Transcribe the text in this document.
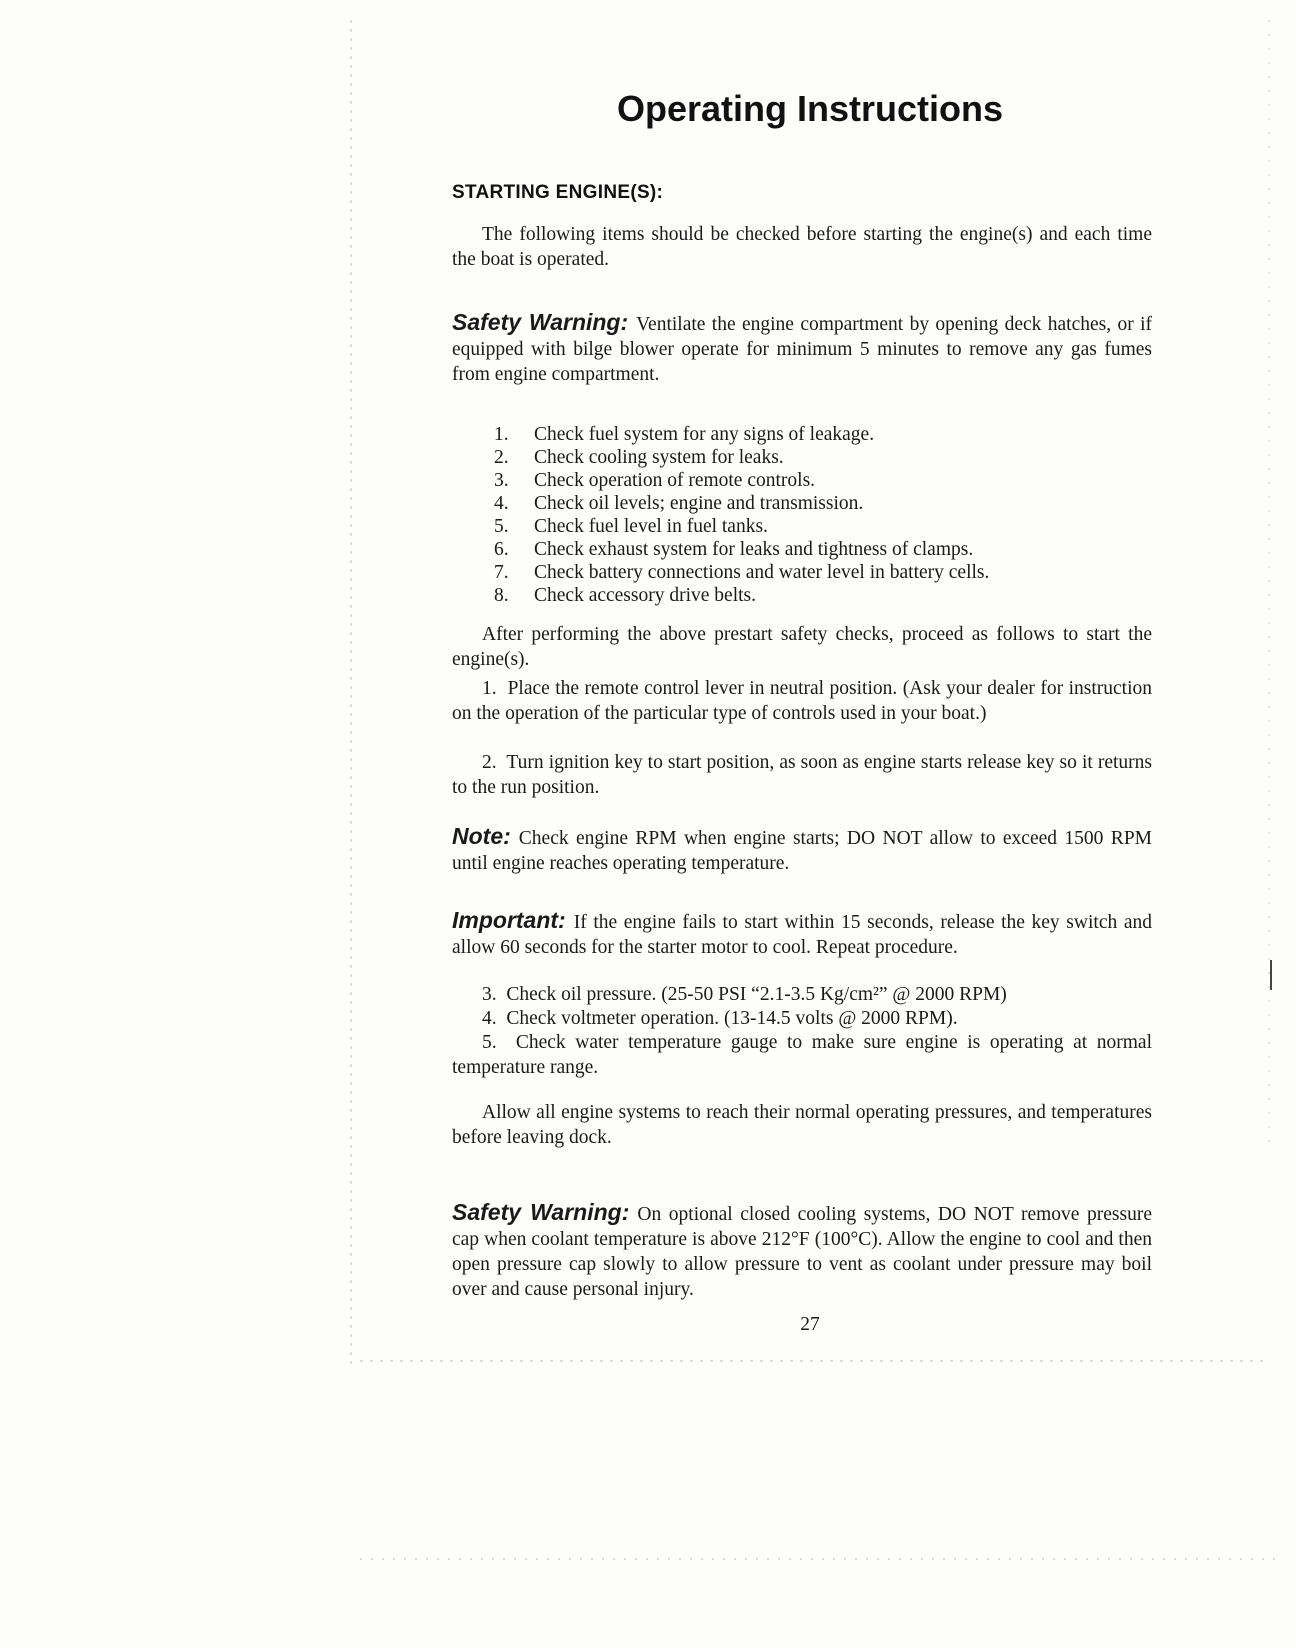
Operating Instructions
STARTING ENGINE(S):
The following items should be checked before starting the engine(s) and each time the boat is operated.
Safety Warning: Ventilate the engine compartment by opening deck hatches, or if equipped with bilge blower operate for minimum 5 minutes to remove any gas fumes from engine compartment.
1.	Check fuel system for any signs of leakage.
2.	Check cooling system for leaks.
3.	Check operation of remote controls.
4.	Check oil levels; engine and transmission.
5.	Check fuel level in fuel tanks.
6.	Check exhaust system for leaks and tightness of clamps.
7.	Check battery connections and water level in battery cells.
8.	Check accessory drive belts.
After performing the above prestart safety checks, proceed as follows to start the engine(s).
1. Place the remote control lever in neutral position. (Ask your dealer for instruction on the operation of the particular type of controls used in your boat.)
2. Turn ignition key to start position, as soon as engine starts release key so it returns to the run position.
Note: Check engine RPM when engine starts; DO NOT allow to exceed 1500 RPM until engine reaches operating temperature.
Important: If the engine fails to start within 15 seconds, release the key switch and allow 60 seconds for the starter motor to cool. Repeat procedure.
3. Check oil pressure. (25-50 PSI “2.1-3.5 Kg/cm²” @ 2000 RPM)
4. Check voltmeter operation. (13-14.5 volts @ 2000 RPM).
5. Check water temperature gauge to make sure engine is operating at normal temperature range.
Allow all engine systems to reach their normal operating pressures, and temperatures before leaving dock.
Safety Warning: On optional closed cooling systems, DO NOT remove pressure cap when coolant temperature is above 212°F (100°C). Allow the engine to cool and then open pressure cap slowly to allow pressure to vent as coolant under pressure may boil over and cause personal injury.
27
